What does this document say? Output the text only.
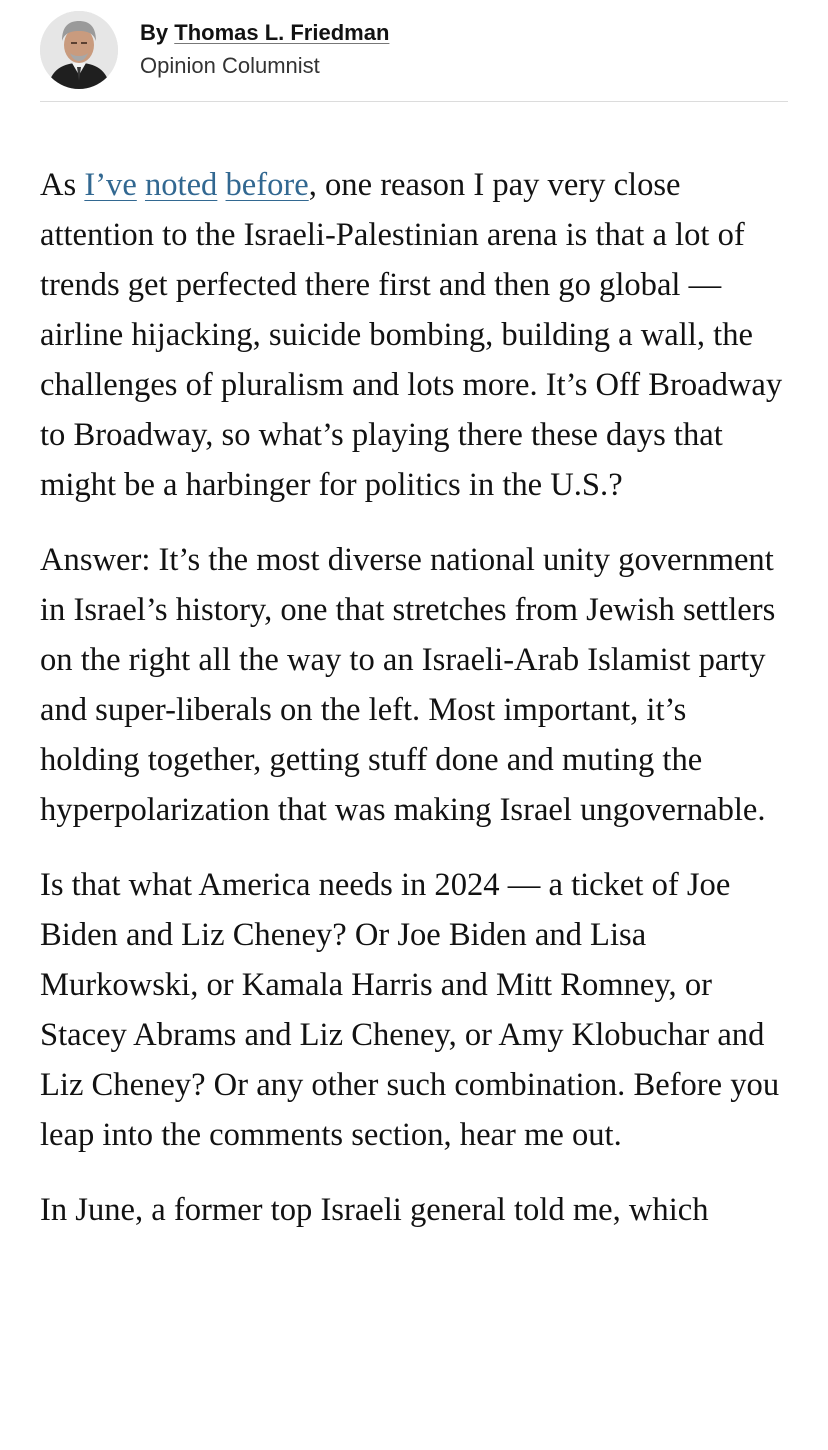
By Thomas L. Friedman
Opinion Columnist

As I’ve noted before, one reason I pay very close attention to the Israeli-Palestinian arena is that a lot of trends get perfected there first and then go global — airline hijacking, suicide bombing, building a wall, the challenges of pluralism and lots more. It’s Off Broadway to Broadway, so what’s playing there these days that might be a harbinger for politics in the U.S.?

Answer: It’s the most diverse national unity government in Israel’s history, one that stretches from Jewish settlers on the right all the way to an Israeli-Arab Islamist party and super-liberals on the left. Most important, it’s holding together, getting stuff done and muting the hyperpolarization that was making Israel ungovernable.

Is that what America needs in 2024 — a ticket of Joe Biden and Liz Cheney? Or Joe Biden and Lisa Murkowski, or Kamala Harris and Mitt Romney, or Stacey Abrams and Liz Cheney, or Amy Klobuchar and Liz Cheney? Or any other such combination. Before you leap into the comments section, hear me out.

In June, a former top Israeli general told me, which
